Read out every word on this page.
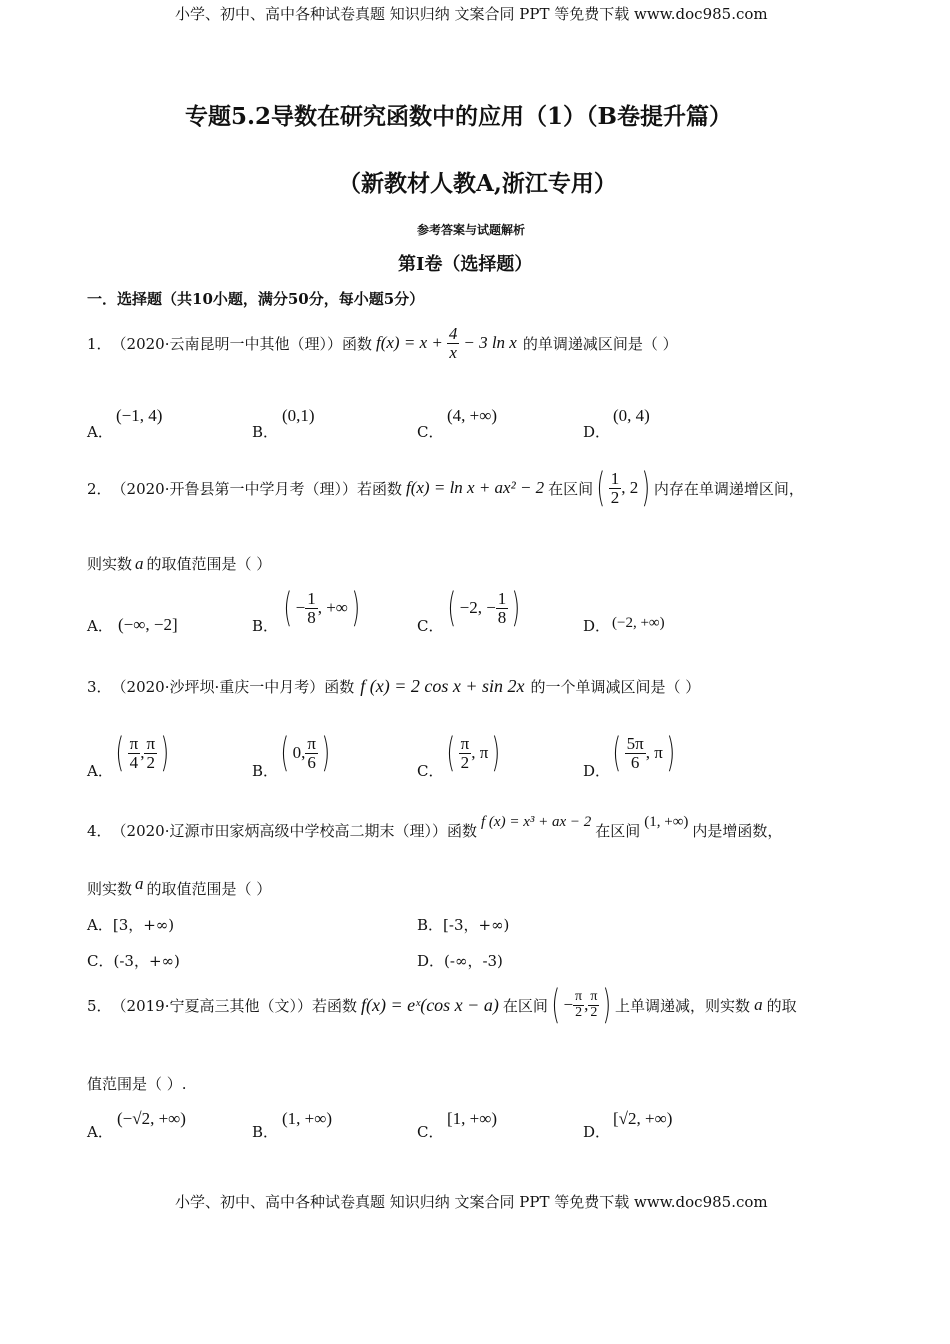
小学、初中、高中各种试卷真题 知识归纳 文案合同 PPT 等免费下载 www.doc985.com
专题5.2导数在研究函数中的应用（1）（B卷提升篇）
（新教材人教A,浙江专用）
参考答案与试题解析
第Ⅰ卷（选择题）
一．选择题（共10小题，满分50分，每小题5分）
1． （2020·云南昆明一中其他（理））函数 $f(x) = x + \frac{4}{x} - 3$ ln x 的单调递减区间是（ ）
A．
(−1, 4)
B．
(0,1)
C．
(4, +∞)
D．
(0, 4)
2． （2020·开鲁县第一中学月考（理））若函数 f(x) = ln x + ax² − 2 在区间 ( $\frac{1}{2}$ , 2 ) 内存在单调递增区间，
则实数 a 的取值范围是（ ）
A． (−∞, −2]	B． ( − $\frac{1}{8}$ , +∞ )	C． ( −2, − $\frac{1}{8}$ )	D． (−2, +∞)
3． （2020·沙坪坝·重庆一中月考）函数 f (x) = 2 cos x + sin 2x 的一个单调减区间是（ ）
A． ( $\frac{\pi}{4}$ , $\frac{\pi}{2}$ )	B． ( 0, $\frac{\pi}{6}$ )	C． ( $\frac{\pi}{2}$ , π )	D． ( $\frac{5\pi}{6}$ , π )
4． （2020·辽源市田家炳高级中学校高二期末（理））函数 f (x) = x³ + ax − 2 在区间 (1, +∞) 内是增函数，
则实数 a 的取值范围是（ ）
A．[3，+∞)	B．[-3，+∞)
C．(-3，+∞)	D．(-∞，-3)
5． （2019·宁夏高三其他（文））若函数 f(x) = eˣ(cos x − a) 在区间 ( − $\frac{\pi}{2}$ , $\frac{\pi}{2}$ ) 上单调递减，则实数 a 的取
值范围是（ ）.
A．
(−√2, +∞)
B．
(1, +∞)
C．
[1, +∞)
D．
[√2, +∞)
小学、初中、高中各种试卷真题 知识归纳 文案合同 PPT 等免费下载 www.doc985.com
